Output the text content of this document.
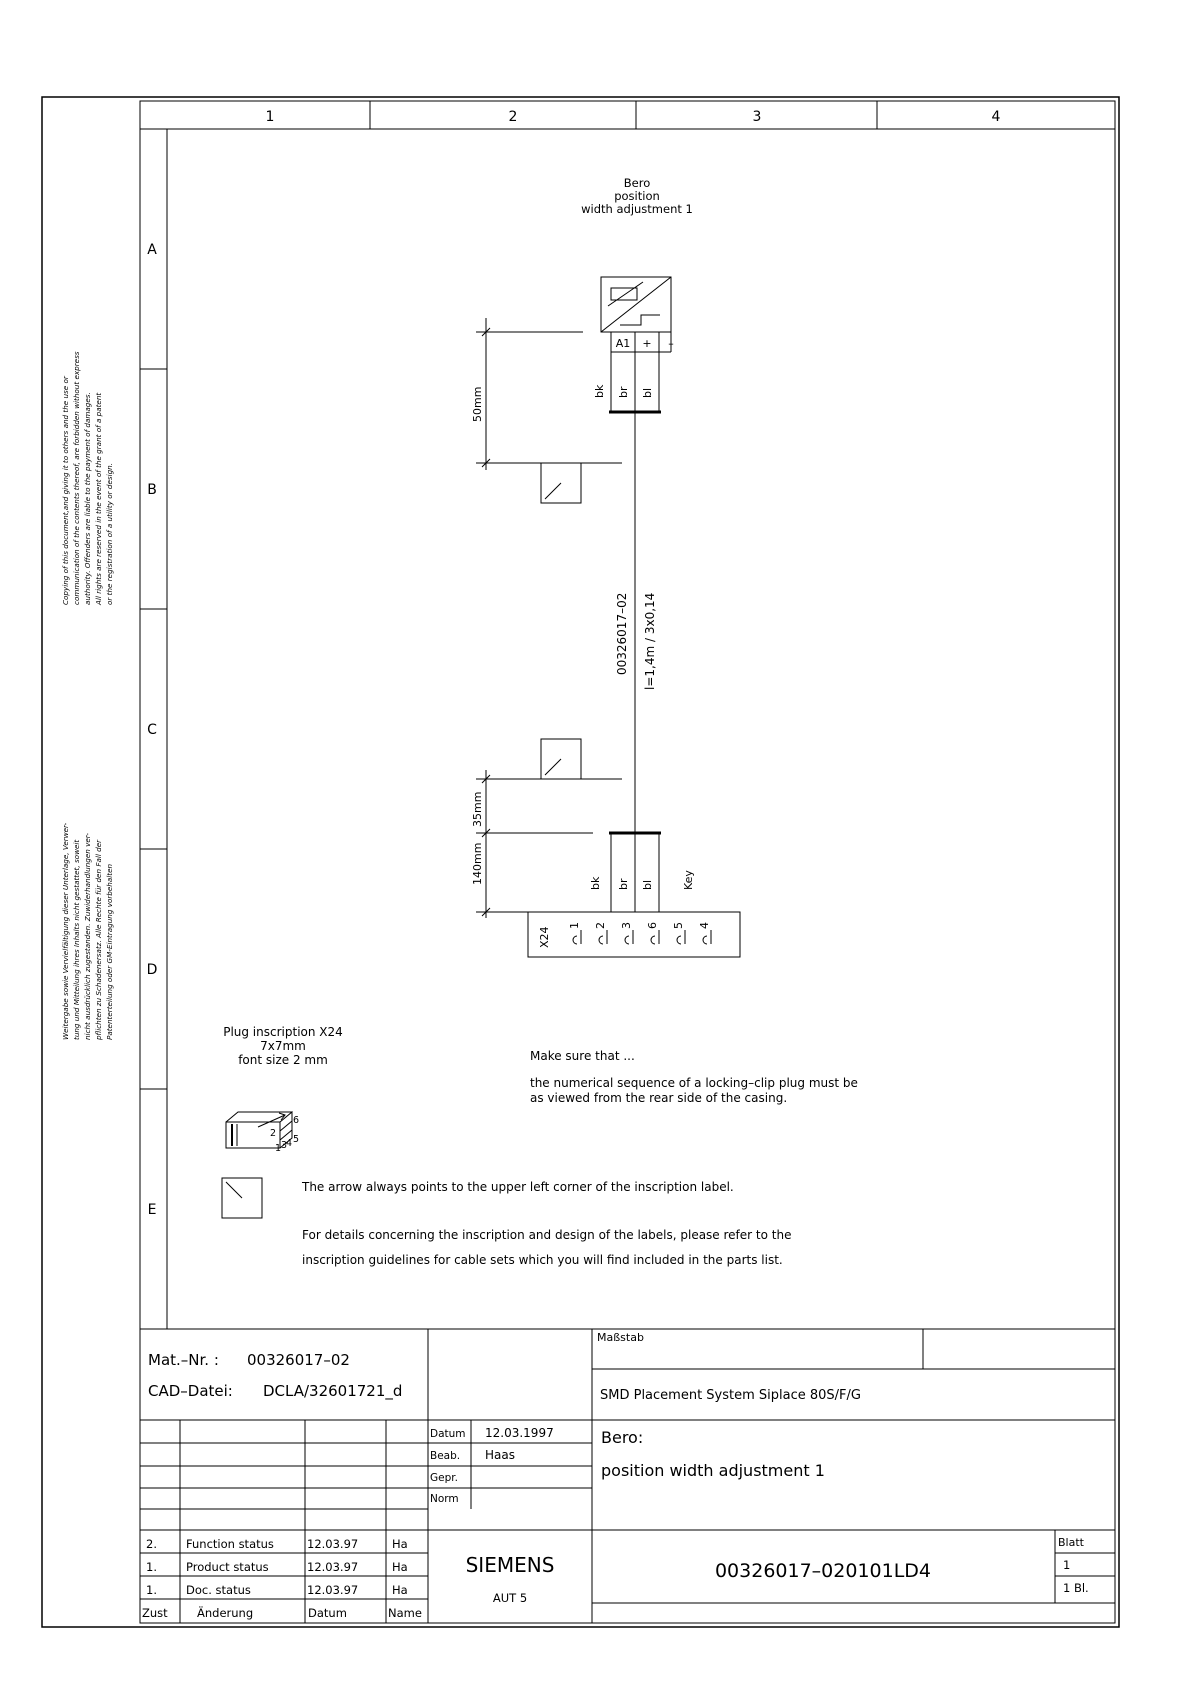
1	2	3	4
A
B
C
D
E
Copying of this document,and giving it to others and the use or communication of the contents thereof, are forbidden without express authority. Offenders are liable to the payment of damages. All rights are reserved in the event of the grant of a patent or the registration of a utility or design.
Weitergabe sowie Vervielfältigung dieser Unterlage, Verwer- tung und Mitteilung ihres Inhalts nicht gestattet, soweit nicht ausdrücklich zugestanden. Zuwiderhandlungen ver- pflichten zu Schadenersatz. Alle Rechte für den Fall der Patenterteilung oder GM-Eintragung vorbehalten
Bero
position
width adjustment 1
A1 + –
bk br bl
00326017–02 l=1,4m / 3x0,14
50mm
35mm
140mm	bk br bl	Key
X24
1 2 3 6 5 4
Plug inscription X24
7x7mm
font size 2 mm
6
2
5
1 3
4
Make sure that ...
the numerical sequence of a locking–clip plug must be
as viewed from the rear side of the casing.
The arrow always points to the upper left corner of the inscription label.
For details concerning the inscription and design of the labels, please refer to the
inscription guidelines for cable sets which you will find included in the parts list.
Mat.–Nr. : 00326017–02
CAD–Datei: DCLA/32601721_d
Maßstab
SMD Placement System Siplace 80S/F/G
Datum 12.03.1997
Beab. Haas
Gepr.
Norm
Bero:
position width adjustment 1
2.	Function status	12.03.97	Ha
1.	Product status	12.03.97	Ha
1.	Doc. status	12.03.97	Ha
Zust	Änderung	Datum	Name
SIEMENS
AUT 5
00326017–020101LD4
Blatt
1
1 Bl.
